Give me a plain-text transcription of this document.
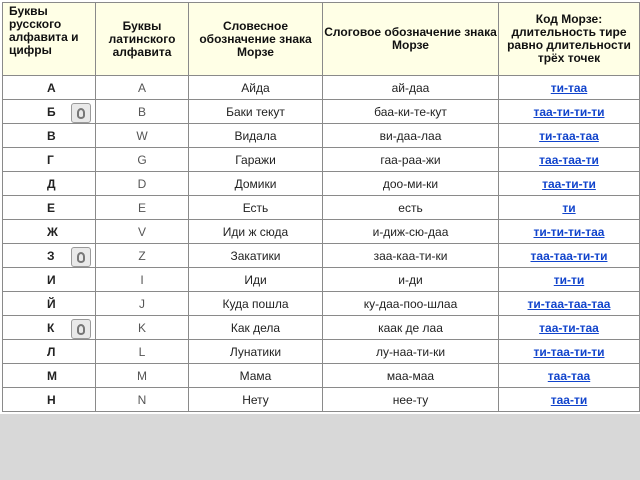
Буквы русского алфавита и цифры	Буквы латинского алфавита	Словесное обозначение знака Морзе	Слоговое обозначение знака Морзе	Код Морзе: длительность тире равно длительности трёх точек
А	A	Айда	ай-даа	ти-таа
Б	B	Баки текут	баа-ки-те-кут	таа-ти-ти-ти
В	W	Видала	ви-даа-лаа	ти-таа-таа
Г	G	Гаражи	гаа-раа-жи	таа-таа-ти
Д	D	Домики	доо-ми-ки	таа-ти-ти
Е	E	Есть	есть	ти
Ж	V	Иди ж сюда	и-диж-сю-даа	ти-ти-ти-таа
З	Z	Закатики	заа-каа-ти-ки	таа-таа-ти-ти
И	I	Иди	и-ди	ти-ти
Й	J	Куда пошла	ку-даа-поо-шлаа	ти-таа-таа-таа
К	K	Как дела	каак де лаа	таа-ти-таа
Л	L	Лунатики	лу-наа-ти-ки	ти-таа-ти-ти
М	M	Мама	маа-маа	таа-таа
Н	N	Нету	нее-ту	таа-ти
